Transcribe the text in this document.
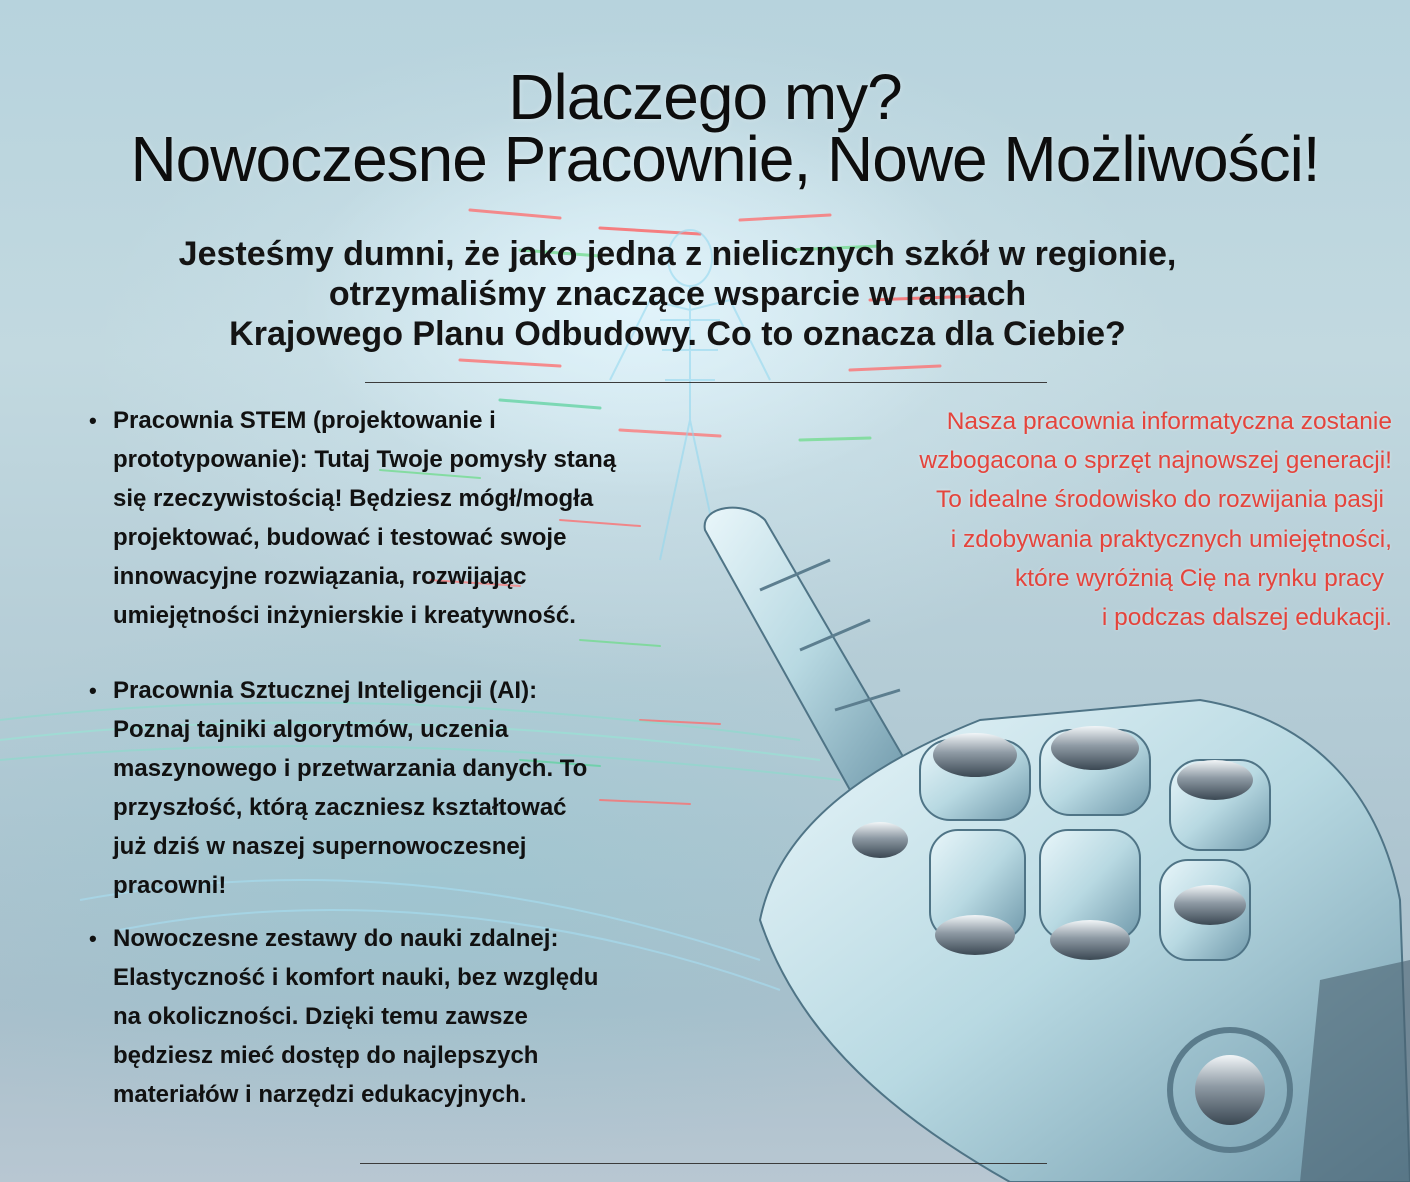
Dlaczego my?
Nowoczesne Pracownie, Nowe Możliwości!
Jesteśmy dumni, że jako jedna z nielicznych szkół w regionie,
otrzymaliśmy znaczące wsparcie w ramach
Krajowego Planu Odbudowy. Co to oznacza dla Ciebie?
• Pracownia STEM (projektowanie i
prototypowanie): Tutaj Twoje pomysły staną
się rzeczywistością! Będziesz mógł/mogła
projektować, budować i testować swoje
innowacyjne rozwiązania, rozwijając
umiejętności inżynierskie i kreatywność.
• Pracownia Sztucznej Inteligencji (AI):
Poznaj tajniki algorytmów, uczenia
maszynowego i przetwarzania danych. To
przyszłość, którą zaczniesz kształtować
już dziś w naszej supernowoczesnej
pracowni!
• Nowoczesne zestawy do nauki zdalnej:
Elastyczność i komfort nauki, bez względu
na okoliczności. Dzięki temu zawsze
będziesz mieć dostęp do najlepszych
materiałów i narzędzi edukacyjnych.
Nasza pracownia informatyczna zostanie
wzbogacona o sprzęt najnowszej generacji!
To idealne środowisko do rozwijania pasji
i zdobywania praktycznych umiejętności,
które wyróżnią Cię na rynku pracy
i podczas dalszej edukacji.
